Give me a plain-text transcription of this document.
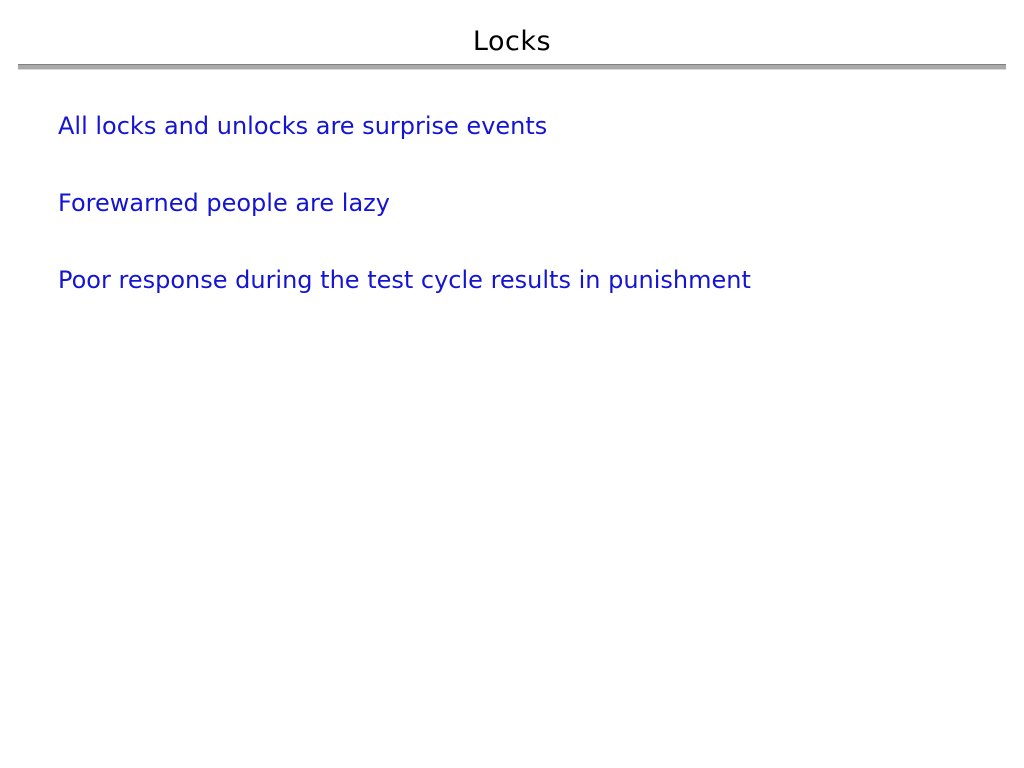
Locks
All locks and unlocks are surprise events
Forewarned people are lazy
Poor response during the test cycle results in punishment
